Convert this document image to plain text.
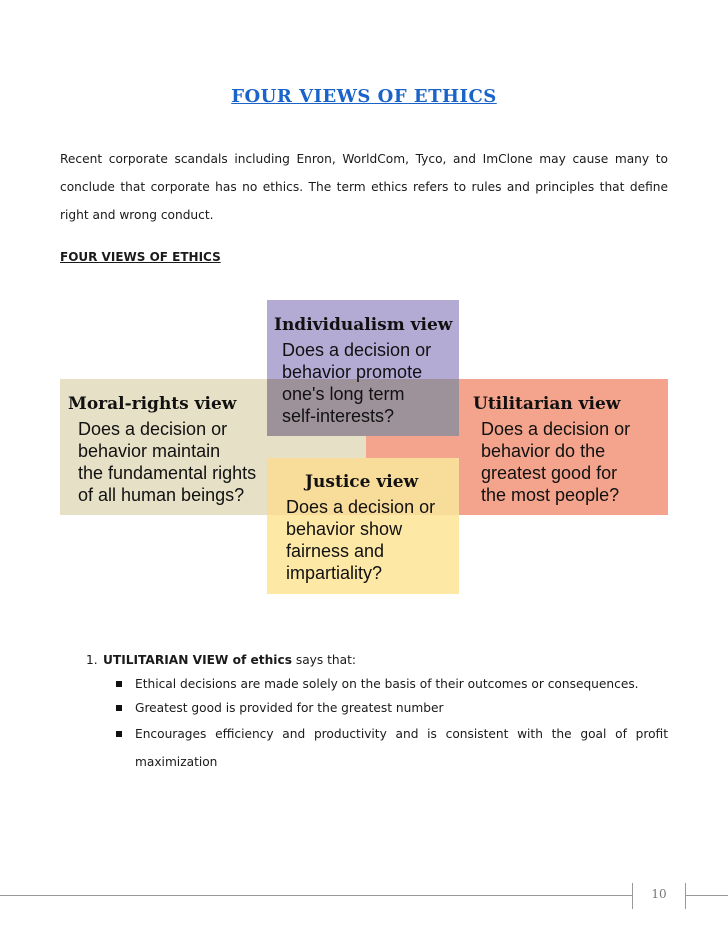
FOUR VIEWS OF ETHICS
Recent corporate scandals including Enron, WorldCom, Tyco, and ImClone may cause many to conclude that corporate has no ethics. The term ethics refers to rules and principles that define right and wrong conduct.
FOUR VIEWS OF ETHICS
Individualism view
Does a decision or
behavior promote
one's long term
self-interests?
Moral-rights view
Does a decision or
behavior maintain
the fundamental rights
of all human beings?
Utilitarian view
Does a decision or
behavior do the
greatest good for
the most people?
Justice view
Does a decision or
behavior show
fairness and
impartiality?
1. UTILITARIAN VIEW of ethics says that:
Ethical decisions are made solely on the basis of their outcomes or consequences.
Greatest good is provided for the greatest number
Encourages efficiency and productivity and is consistent with the goal of profit maximization
10
